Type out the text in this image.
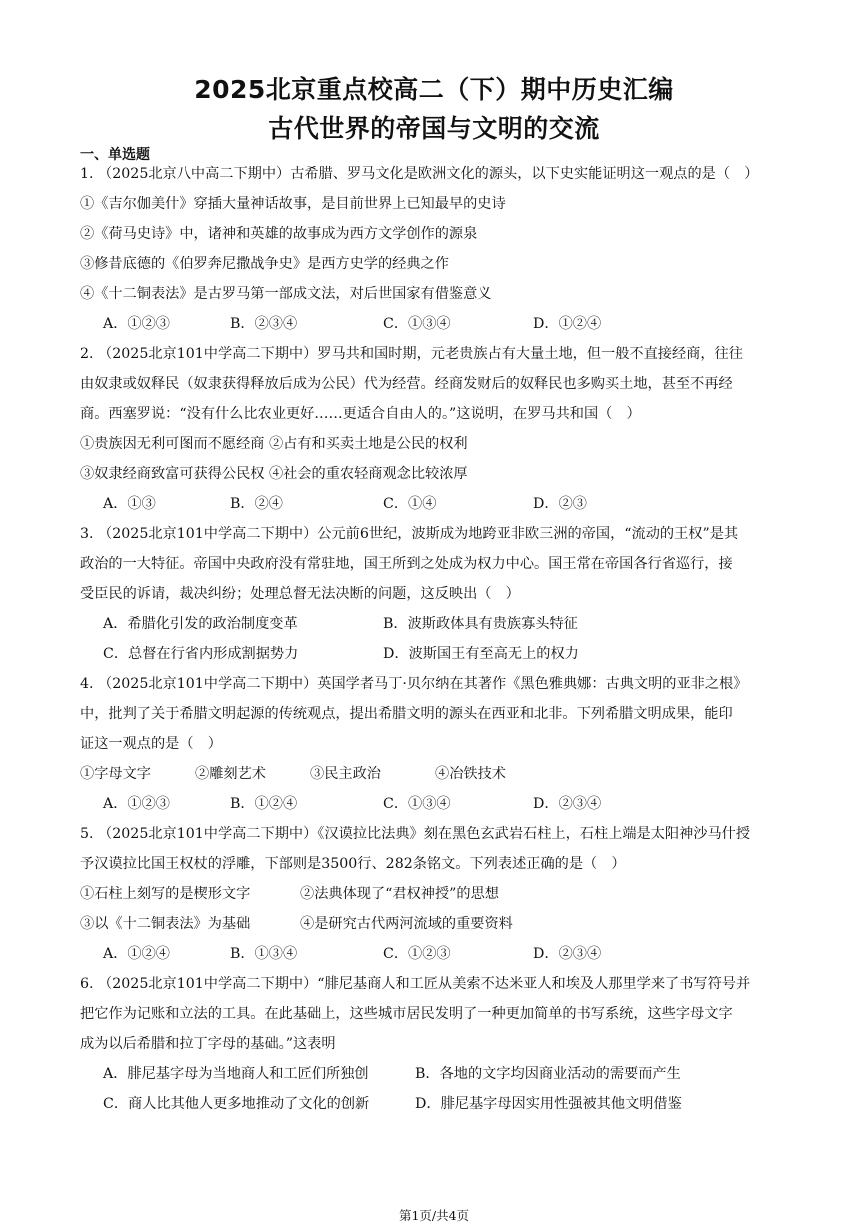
2025北京重点校高二（下）期中历史汇编
古代世界的帝国与文明的交流
一、单选题
1. （2025北京八中高二下期中）古希腊、罗马文化是欧洲文化的源头，以下史实能证明这一观点的是（　）
①《吉尔伽美什》穿插大量神话故事，是目前世界上已知最早的史诗
②《荷马史诗》中，诸神和英雄的故事成为西方文学创作的源泉
③修昔底德的《伯罗奔尼撒战争史》是西方史学的经典之作
④《十二铜表法》是古罗马第一部成文法，对后世国家有借鉴意义
A．①②③	B．②③④	C．①③④	D．①②④
2. （2025北京101中学高二下期中）罗马共和国时期，元老贵族占有大量土地，但一般不直接经商，往往
由奴隶或奴释民（奴隶获得释放后成为公民）代为经营。经商发财后的奴释民也多购买土地，甚至不再经
商。西塞罗说：“没有什么比农业更好……更适合自由人的。”这说明，在罗马共和国（　）
①贵族因无利可图而不愿经商 ②占有和买卖土地是公民的权利
③奴隶经商致富可获得公民权 ④社会的重农轻商观念比较浓厚
A．①③	B．②④	C．①④	D．②③
3. （2025北京101中学高二下期中）公元前6世纪，波斯成为地跨亚非欧三洲的帝国，“流动的王权”是其
政治的一大特征。帝国中央政府没有常驻地，国王所到之处成为权力中心。国王常在帝国各行省巡行，接
受臣民的诉请，裁决纠纷；处理总督无法决断的问题，这反映出（　）
A．希腊化引发的政治制度变革	B．波斯政体具有贵族寡头特征
C．总督在行省内形成割据势力	D．波斯国王有至高无上的权力
4. （2025北京101中学高二下期中）英国学者马丁·贝尔纳在其著作《黑色雅典娜：古典文明的亚非之根》
中，批判了关于希腊文明起源的传统观点，提出希腊文明的源头在西亚和北非。下列希腊文明成果，能印
证这一观点的是（　）
①字母文字	②雕刻艺术	③民主政治	④冶铁技术
A．①②③	B．①②④	C．①③④	D．②③④
5. （2025北京101中学高二下期中）《汉谟拉比法典》刻在黑色玄武岩石柱上，石柱上端是太阳神沙马什授
予汉谟拉比国王权杖的浮雕，下部则是3500行、282条铭文。下列表述正确的是（　）
①石柱上刻写的是楔形文字	②法典体现了“君权神授”的思想
③以《十二铜表法》为基础	④是研究古代两河流域的重要资料
A．①②④	B．①③④	C．①②③	D．②③④
6. （2025北京101中学高二下期中）“腓尼基商人和工匠从美索不达米亚人和埃及人那里学来了书写符号并
把它作为记账和立法的工具。在此基础上，这些城市居民发明了一种更加简单的书写系统，这些字母文字
成为以后希腊和拉丁字母的基础。”这表明
A．腓尼基字母为当地商人和工匠们所独创	B．各地的文字均因商业活动的需要而产生
C．商人比其他人更多地推动了文化的创新	D．腓尼基字母因实用性强被其他文明借鉴
第1页/共4页
